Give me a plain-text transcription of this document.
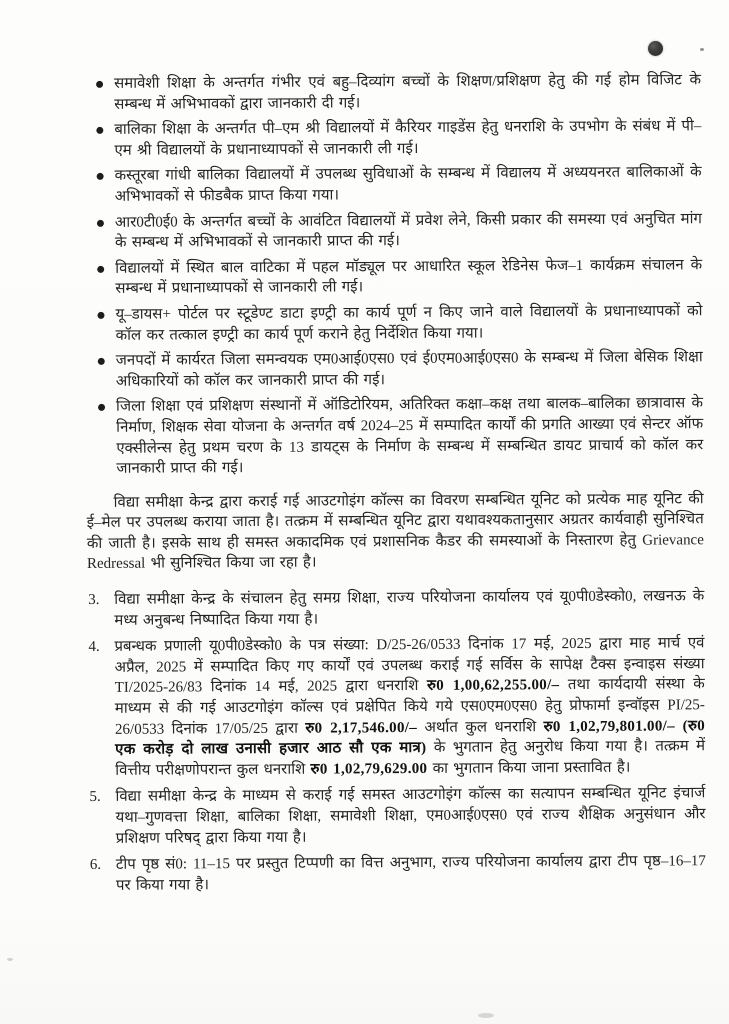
समावेशी शिक्षा के अन्तर्गत गंभीर एवं बहु–दिव्यांग बच्चों के शिक्षण/प्रशिक्षण हेतु की गई होम विजिट के सम्बन्ध में अभिभावकों द्वारा जानकारी दी गई।
बालिका शिक्षा के अन्तर्गत पी–एम श्री विद्यालयों में कैरियर गाइडेंस हेतु धनराशि के उपभोग के संबंध में पी–एम श्री विद्यालयों के प्रधानाध्यापकों से जानकारी ली गई।
कस्तूरबा गांधी बालिका विद्यालयों में उपलब्ध सुविधाओं के सम्बन्ध में विद्यालय में अध्ययनरत बालिकाओं के अभिभावकों से फीडबैक प्राप्त किया गया।
आर0टी0ई0 के अन्तर्गत बच्चों के आवंटित विद्यालयों में प्रवेश लेने, किसी प्रकार की समस्या एवं अनुचित मांग के सम्बन्ध में अभिभावकों से जानकारी प्राप्त की गई।
विद्यालयों में स्थित बाल वाटिका में पहल मॉड्यूल पर आधारित स्कूल रेडिनेस फेज–1 कार्यक्रम संचालन के सम्बन्ध में प्रधानाध्यापकों से जानकारी ली गई।
यू–डायस+ पोर्टल पर स्टूडेण्ट डाटा इण्ट्री का कार्य पूर्ण न किए जाने वाले विद्यालयों के प्रधानाध्यापकों को कॉल कर तत्काल इण्ट्री का कार्य पूर्ण कराने हेतु निर्देशित किया गया।
जनपदों में कार्यरत जिला समन्वयक एम0आई0एस0 एवं ई0एम0आई0एस0 के सम्बन्ध में जिला बेसिक शिक्षा अधिकारियों को कॉल कर जानकारी प्राप्त की गई।
जिला शिक्षा एवं प्रशिक्षण संस्थानों में ऑडिटोरियम, अतिरिक्त कक्षा–कक्ष तथा बालक–बालिका छात्रावास के निर्माण, शिक्षक सेवा योजना के अन्तर्गत वर्ष 2024–25 में सम्पादित कार्यों की प्रगति आख्या एवं सेन्टर ऑफ एक्सीलेन्स हेतु प्रथम चरण के 13 डायट्स के निर्माण के सम्बन्ध में सम्बन्धित डायट प्राचार्य को कॉल कर जानकारी प्राप्त की गई।

विद्या समीक्षा केन्द्र द्वारा कराई गई आउटगोइंग कॉल्स का विवरण सम्बन्धित यूनिट को प्रत्येक माह यूनिट की ई–मेल पर उपलब्ध कराया जाता है। तत्क्रम में सम्बन्धित यूनिट द्वारा यथावश्यकतानुसार अग्रतर कार्यवाही सुनिश्चित की जाती है। इसके साथ ही समस्त अकादमिक एवं प्रशासनिक कैडर की समस्याओं के निस्तारण हेतु Grievance Redressal भी सुनिश्चित किया जा रहा है।

3. विद्या समीक्षा केन्द्र के संचालन हेतु समग्र शिक्षा, राज्य परियोजना कार्यालय एवं यू0पी0डेस्को0, लखनऊ के मध्य अनुबन्ध निष्पादित किया गया है।
4. प्रबन्धक प्रणाली यू0पी0डेस्को0 के पत्र संख्या: D/25-26/0533 दिनांक 17 मई, 2025 द्वारा माह मार्च एवं अप्रैल, 2025 में सम्पादित किए गए कार्यों एवं उपलब्ध कराई गई सर्विस के सापेक्ष टैक्स इन्वाइस संख्या TI/2025-26/83 दिनांक 14 मई, 2025 द्वारा धनराशि रु0 1,00,62,255.00/– तथा कार्यदायी संस्था के माध्यम से की गई आउटगोइंग कॉल्स एवं प्रक्षेपित किये गये एस0एम0एस0 हेतु प्रोफार्मा इन्वॉइस PI/25-26/0533 दिनांक 17/05/25 द्वारा रु0 2,17,546.00/– अर्थात कुल धनराशि रु0 1,02,79,801.00/– (रु0 एक करोड़ दो लाख उनासी हजार आठ सौ एक मात्र) के भुगतान हेतु अनुरोध किया गया है। तत्क्रम में वित्तीय परीक्षणोपरान्त कुल धनराशि रु0 1,02,79,629.00 का भुगतान किया जाना प्रस्तावित है।
5. विद्या समीक्षा केन्द्र के माध्यम से कराई गई समस्त आउटगोइंग कॉल्स का सत्यापन सम्बन्धित यूनिट इंचार्ज यथा–गुणवत्ता शिक्षा, बालिका शिक्षा, समावेशी शिक्षा, एम0आई0एस0 एवं राज्य शैक्षिक अनुसंधान और प्रशिक्षण परिषद् द्वारा किया गया है।
6. टीप पृष्ठ सं0: 11–15 पर प्रस्तुत टिप्पणी का वित्त अनुभाग, राज्य परियोजना कार्यालय द्वारा टीप पृष्ठ–16–17 पर किया गया है।
